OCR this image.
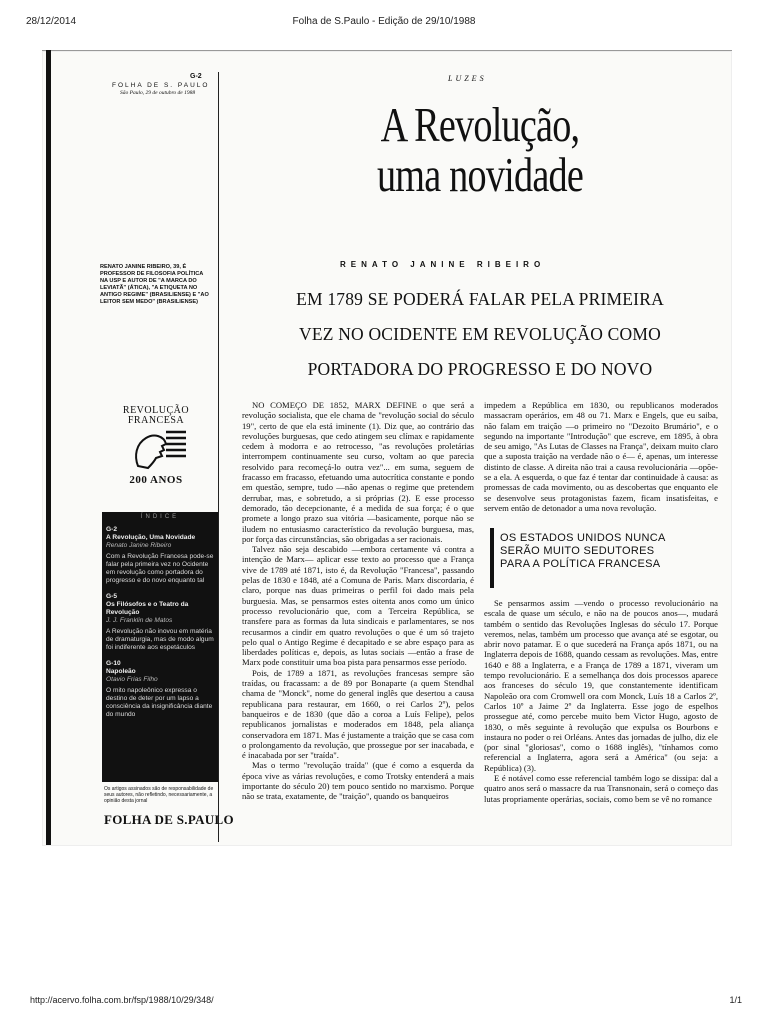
28/12/2014	Folha de S.Paulo - Edição de 29/10/1988
http://acervo.folha.com.br/fsp/1988/10/29/348/	1/1
G-2
FOLHA DE S. PAULO
São Paulo, 29 de outubro de 1988
LUZES
A Revolução,
uma novidade
RENATO JANINE RIBEIRO
EM 1789 SE PODERÁ FALAR PELA PRIMEIRA
VEZ NO OCIDENTE EM REVOLUÇÃO COMO
PORTADORA DO PROGRESSO E DO NOVO
RENATO JANINE RIBEIRO, 39, É PROFESSOR DE FILOSOFIA POLÍTICA NA USP E AUTOR DE "A MARCA DO LEVIATÃ" (ÁTICA), "A ETIQUETA NO ANTIGO REGIME" (BRASILIENSE) E "AO LEITOR SEM MEDO" (BRASILIENSE)
REVOLUÇÃO
FRANCESA
200 ANOS
ÍNDICE
G-2
A Revolução, Uma Novidade
Renato Janine Ribeiro
Com a Revolução Francesa pode-se falar pela primeira vez no Ocidente em revolução como portadora do progresso e do novo enquanto tal
G-5
Os Filósofos e o Teatro da Revolução
J. J. Franklin de Matos
A Revolução não inovou em matéria de dramaturgia, mas de modo algum foi indiferente aos espetáculos
G-10
Napoleão
Otavio Frias Filho
O mito napoleônico expressa o destino de deter por um lapso a consciência da insignificância diante do mundo
Os artigos assinados são de responsabilidade de seus autores, não refletindo, necessariamente, a opinião desta jornal
FOLHA DE S.PAULO

NO COMEÇO DE 1852, MARX DEFINE o que será a revolução socialista, que ele chama de "revolução social do século 19", certo de que ela está iminente (1). Diz que, ao contrário das revoluções burguesas, que cedo atingem seu clímax e rapidamente cedem à modorra e ao retrocesso, "as revoluções proletárias interrompem continuamente seu curso, voltam ao que parecia resolvido para recomeçá-lo outra vez"... em suma, seguem de fracasso em fracasso, efetuando uma autocrítica constante e pondo em questão, sempre, tudo —não apenas o regime que pretendem derrubar, mas, e sobretudo, a si próprias (2). E esse processo demorado, tão decepcionante, é a medida de sua força; é o que promete a longo prazo sua vitória —basicamente, porque não se iludem no entusiasmo característico da revolução burguesa, mas, por força das circunstâncias, são obrigadas a ser racionais.

Talvez não seja descabido —embora certamente vá contra a intenção de Marx— aplicar esse texto ao processo que a França vive de 1789 até 1871, isto é, da Revolução "Francesa", passando pelas de 1830 e 1848, até a Comuna de Paris. Marx discordaria, é claro, porque nas duas primeiras o perfil foi dado mais pela burguesia. Mas, se pensarmos estes oitenta anos como um único processo revolucionário que, com a Terceira República, se transfere para as formas da luta sindicais e parlamentares, se nos recusarmos a cindir em quatro revoluções o que é um só trajeto pelo qual o Antigo Regime é decapitado e se abre espaço para as liberdades políticas e, depois, as lutas sociais —então a frase de Marx pode constituir uma boa pista para pensarmos esse período.

Pois, de 1789 a 1871, as revoluções francesas sempre são traídas, ou fracassam: a de 89 por Bonaparte (a quem Stendhal chama de "Monck", nome do general inglês que desertou a causa republicana para restaurar, em 1660, o rei Carlos 2º), pelos banqueiros e de 1830 (que dão a coroa a Luís Felipe), pelos republicanos jornalistas e moderados em 1848, pela aliança conservadora em 1871. Mas é justamente a traição que se casa com o prolongamento da revolução, que prossegue por ser inacabada, e é inacabada por ser "traída".

Mas o termo "revolução traída" (que é como a esquerda da época vive as várias revoluções, e como Trotsky entenderá a mais importante do século 20) tem pouco sentido no marxismo. Porque não se trata, exatamente, de "traição", quando os banqueiros

impedem a República em 1830, ou republicanos moderados massacram operários, em 48 ou 71. Marx e Engels, que eu saiba, não falam em traição —o primeiro no "Dezoito Brumário", e o segundo na importante "Introdução" que escreve, em 1895, à obra de seu amigo, "As Lutas de Classes na França", deixam muito claro que a suposta traição na verdade não o é— é, apenas, um interesse distinto de classe. A direita não trai a causa revolucionária —opõe-se a ela. A esquerda, o que faz é tentar dar continuidade à causa: as promessas de cada movimento, ou as descobertas que enquanto ele se desenvolve seus protagonistas fazem, ficam insatisfeitas, e servem então de detonador a uma nova revolução.

OS ESTADOS UNIDOS NUNCA
SERÃO MUITO SEDUTORES
PARA A POLÍTICA FRANCESA

Se pensarmos assim —vendo o processo revolucionário na escala de quase um século, e não na de poucos anos—, mudará também o sentido das Revoluções Inglesas do século 17. Porque veremos, nelas, também um processo que avança até se esgotar, ou abrir novo patamar. E o que sucederá na França após 1871, ou na Inglaterra depois de 1688, quando cessam as revoluções. Mas, entre 1640 e 88 a Inglaterra, e a França de 1789 a 1871, viveram um tempo revolucionário. E a semelhança dos dois processos aparece aos franceses do século 19, que constantemente identificam Napoleão ora com Cromwell ora com Monck, Luís 18 a Carlos 2º, Carlos 10º a Jaime 2º da Inglaterra. Esse jogo de espelhos prossegue até, como percebe muito bem Victor Hugo, agosto de 1830, o mês seguinte à revolução que expulsa os Bourbons e instaura no poder o rei Orléans. Antes das jornadas de julho, diz ele (por sinal "gloriosas", como o 1688 inglês), "tínhamos como referencial a Inglaterra, agora será a América" (ou seja: a República) (3).

E é notável como esse referencial também logo se dissipa: dal a quatro anos será o massacre da rua Transnonain, será o começo das lutas propriamente operárias, sociais, como bem se vê no romance
